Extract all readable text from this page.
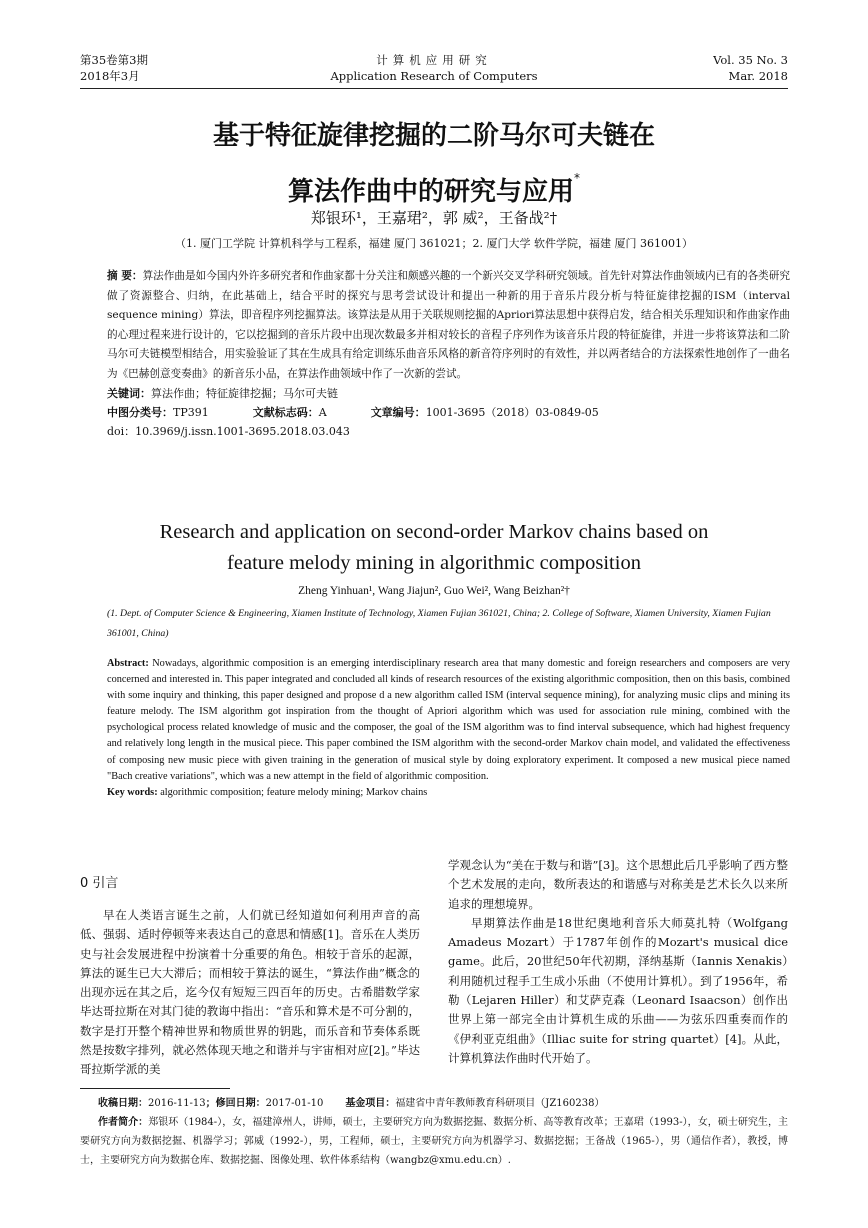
第35卷第3期
2018年3月
计算机应用研究
Application Research of Computers
Vol. 35 No. 3
Mar. 2018
基于特征旋律挖掘的二阶马尔可夫链在
算法作曲中的研究与应用*
郑银环¹，王嘉珺²，郭 威²，王备战²†
（1. 厦门工学院 计算机科学与工程系，福建 厦门 361021；2. 厦门大学 软件学院，福建 厦门 361001）
摘 要：算法作曲是如今国内外许多研究者和作曲家都十分关注和颇感兴趣的一个新兴交叉学科研究领域。首先针对算法作曲领域内已有的各类研究做了资源整合、归纳，在此基础上，结合平时的探究与思考尝试设计和提出一种新的用于音乐片段分析与特征旋律挖掘的ISM（interval sequence mining）算法，即音程序列挖掘算法。该算法是从用于关联规则挖掘的Apriori算法思想中获得启发，结合相关乐理知识和作曲家作曲的心理过程来进行设计的，它以挖掘到的音乐片段中出现次数最多并相对较长的音程子序列作为该音乐片段的特征旋律，并进一步将该算法和二阶马尔可夫链模型相结合，用实验验证了其在生成具有给定训练乐曲音乐风格的新音符序列时的有效性，并以两者结合的方法探索性地创作了一曲名为《巴赫创意变奏曲》的新音乐小品，在算法作曲领域中作了一次新的尝试。
关键词：算法作曲；特征旋律挖掘；马尔可夫链
中图分类号：TP391	文献标志码：A	文章编号：1001-3695（2018）03-0849-05
doi：10.3969/j.issn.1001-3695.2018.03.043
Research and application on second-order Markov chains based on
feature melody mining in algorithmic composition
Zheng Yinhuan¹, Wang Jiajun², Guo Wei², Wang Beizhan²†
(1. Dept. of Computer Science & Engineering, Xiamen Institute of Technology, Xiamen Fujian 361021, China; 2. College of Software, Xiamen University, Xiamen Fujian 361001, China)
Abstract: Nowadays, algorithmic composition is an emerging interdisciplinary research area that many domestic and foreign researchers and composers are very concerned and interested in. This paper integrated and concluded all kinds of research resources of the existing algorithmic composition, then on this basis, combined with some inquiry and thinking, this paper designed and propose d a new algorithm called ISM (interval sequence mining), for analyzing music clips and mining its feature melody. The ISM algorithm got inspiration from the thought of Apriori algorithm which was used for association rule mining, combined with the psychological process related knowledge of music and the composer, the goal of the ISM algorithm was to find interval subsequence, which had highest frequency and relatively long length in the musical piece. This paper combined the ISM algorithm with the second-order Markov chain model, and validated the effectiveness of composing new music piece with given training in the generation of musical style by doing exploratory experiment. It composed a new musical piece named "Bach creative variations", which was a new attempt in the field of algorithmic composition.
Key words: algorithmic composition; feature melody mining; Markov chains
0 引言
早在人类语言诞生之前，人们就已经知道如何利用声音的高低、强弱、适时停顿等来表达自己的意思和情感[1]。音乐在人类历史与社会发展进程中扮演着十分重要的角色。相较于音乐的起源，算法的诞生已大大滞后；而相较于算法的诞生，“算法作曲”概念的出现亦远在其之后，迄今仅有短短三四百年的历史。古希腊数学家毕达哥拉斯在对其门徒的教诲中指出：“音乐和算术是不可分割的，数字是打开整个精神世界和物质世界的钥匙，而乐音和节奏体系既然是按数字排列，就必然体现天地之和谐并与宇宙相对应[2]。”毕达哥拉斯学派的美
学观念认为“美在于数与和谐”[3]。这个思想此后几乎影响了西方整个艺术发展的走向，数所表达的和谐感与对称美是艺术长久以来所追求的理想境界。
早期算法作曲是18世纪奥地利音乐大师莫扎特（Wolfgang Amadeus Mozart）于1787年创作的Mozart's musical dice game。此后，20世纪50年代初期，泽纳基斯（Iannis Xenakis）利用随机过程手工生成小乐曲（不使用计算机）。到了1956年，希勒（Lejaren Hiller）和艾萨克森（Leonard Isaacson）创作出世界上第一部完全由计算机生成的乐曲——为弦乐四重奏而作的《伊利亚克组曲》（Illiac suite for string quartet）[4]。从此，计算机算法作曲时代开始了。

收稿日期：2016-11-13；修回日期：2017-01-10 基金项目：福建省中青年教师教育科研项目（JZ160238）

作者简介：郑银环（1984-），女，福建漳州人，讲师，硕士，主要研究方向为数据挖掘、数据分析、高等教育改革；王嘉珺（1993-），女，硕士研究生，主要研究方向为数据挖掘、机器学习；郭威（1992-），男，工程师，硕士，主要研究方向为机器学习、数据挖掘；王备战（1965-），男（通信作者），教授，博士，主要研究方向为数据仓库、数据挖掘、图像处理、软件体系结构（wangbz@xmu.edu.cn）.
